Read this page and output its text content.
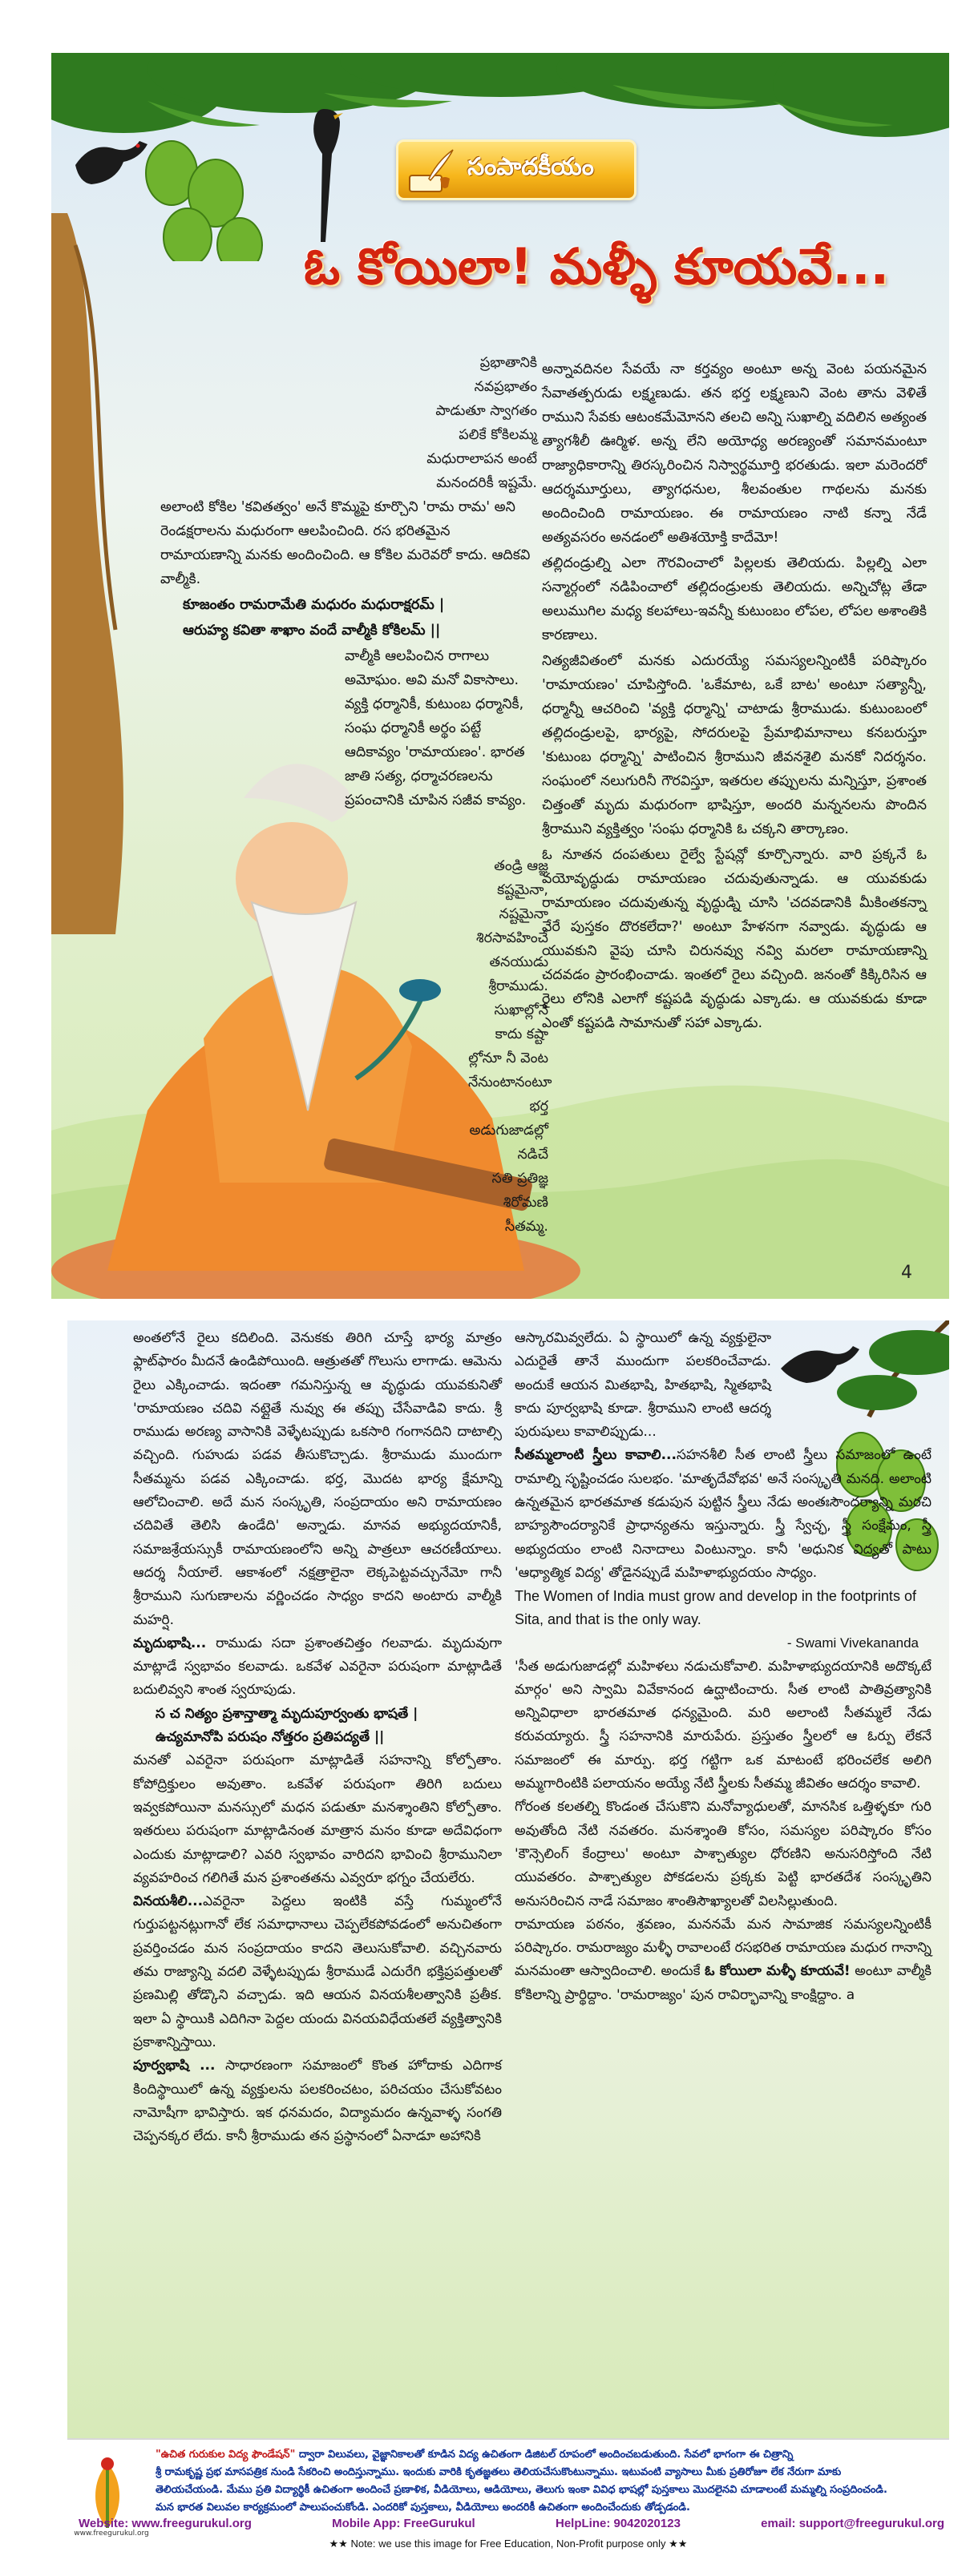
సంపాదకీయం
ఓ కోయిలా! మళ్ళీ కూయవే...
ప్రభాతానికి
నవప్రభాతం
పాడుతూ స్వాగతం
పలికే కోకిలమ్మ
మధురాలాపన అంటే
మనందరికీ ఇష్టమే.

అలాంటి కోకిల 'కవితత్వం' అనే కొమ్మపై కూర్చొని 'రామ రామ' అని రెండక్షరాలను మధురంగా ఆలపించింది. రస భరితమైన రామాయణాన్ని మనకు అందించింది. ఆ కోకిల మరెవరో కాదు. ఆదికవి వాల్మీకి.

కూజంతం రామరామేతి మధురం మధురాక్షరమ్ |

ఆరుహ్య కవితా శాఖాం వందే వాల్మీకి కోకిలమ్ ||

వాల్మీకి ఆలపించిన రాగాలు అమోఘం. అవి మనో వికాసాలు. వ్యక్తి ధర్మానికీ, కుటుంబ ధర్మానికీ, సంఘ ధర్మానికీ అర్థం పట్టే ఆదికావ్యం 'రామాయణం'. భారత జాతి సత్య, ధర్మాచరణలను ప్రపంచానికి చూపిన సజీవ కావ్యం.

తండ్రి ఆజ్ఞ కష్టమైనా,
నష్టమైనా శిరసావహించే
తనయుడు శ్రీరాముడు.
సుఖాల్లోనే కాదు కష్టా
ల్లోనూ నీ వెంట
నేనుంటానంటూ భర్త
అడుగుజాడల్లో నడిచే
సతి ప్రతిజ్ఞ
శిరోమణి
సీతమ్మ.

అన్నావదినల సేవయే నా కర్తవ్యం అంటూ అన్న వెంట పయనమైన సేవాతత్పరుడు లక్ష్మణుడు. తన భర్త లక్ష్మణుని వెంట తాను వెళితే రాముని సేవకు ఆటంకమేమోనని తలచి అన్ని సుఖాల్ని వదిలిన అత్యంత త్యాగశీలీ ఊర్మిళ. అన్న లేని అయోధ్య అరణ్యంతో సమానమంటూ రాజ్యాధికారాన్ని తిరస్కరించిన నిస్వార్థమూర్తి భరతుడు. ఇలా మరెందరో ఆదర్శమూర్తులు, త్యాగధనుల, శీలవంతుల గాథలను మనకు అందించింది రామాయణం. ఈ రామాయణం నాటి కన్నా నేడే అత్యవసరం అనడంలో అతిశయోక్తి కాదేమో!

తల్లిదండ్రుల్ని ఎలా గౌరవించాలో పిల్లలకు తెలియదు. పిల్లల్ని ఎలా సన్మార్గంలో నడిపించాలో తల్లిదండ్రులకు తెలియదు. అన్నిచోట్ల తేడా అలుముగిల మధ్య కలహాలు-ఇవన్నీ కుటుంబం లోపల, లోపల అశాంతికి కారణాలు.

నిత్యజీవితంలో మనకు ఎదురయ్యే సమస్యలన్నింటికీ పరిష్కారం 'రామాయణం' చూపిస్తోంది. 'ఒకేమాట, ఒకే బాట' అంటూ సత్యాన్నీ, ధర్మాన్నీ ఆచరించి 'వ్యక్తి ధర్మాన్ని' చాటాడు శ్రీరాముడు. కుటుంబంలో తల్లిదండ్రులపై, భార్యపై, సోదరులపై ప్రేమాభిమానాలు కనబరుస్తూ 'కుటుంబ ధర్మాన్ని' పాటించిన శ్రీరాముని జీవనశైలి మనకో నిదర్శనం. సంఘంలో నలుగురినీ గౌరవిస్తూ, ఇతరుల తప్పులను మన్నిస్తూ, ప్రశాంత చిత్తంతో మృదు మధురంగా భాషిస్తూ, అందరి మన్ననలను పొందిన శ్రీరాముని వ్యక్తిత్వం 'సంఘ ధర్మానికి ఓ చక్కని తార్కాణం.

ఓ నూతన దంపతులు రైల్వే స్టేషన్లో కూర్చొన్నారు. వారి ప్రక్కనే ఓ వయోవృద్ధుడు రామాయణం చదువుతున్నాడు. ఆ యువకుడు రామాయణం చదువుతున్న వృద్ధుడ్ని చూసి 'చదవడానికి మీకింతకన్నా వేరే పుస్తకం దొరకలేదా?' అంటూ హేళనగా నవ్వాడు. వృద్ధుడు ఆ యువకుని వైపు చూసి చిరునవ్వు నవ్వి మరలా రామాయణాన్ని చదవడం ప్రారంభించాడు. ఇంతలో రైలు వచ్చింది. జనంతో కిక్కిరిసిన ఆ రైలు లోనికి ఎలాగో కష్టపడి వృద్ధుడు ఎక్కాడు. ఆ యువకుడు కూడా ఎంతో కష్టపడి సామానుతో సహా ఎక్కాడు.

4

అంతలోనే రైలు కదిలింది. వెనుకకు తిరిగి చూస్తే భార్య మాత్రం ఫ్లాట్‌ఫారం మీదనే ఉండిపోయింది. ఆత్రుతతో గొలుసు లాగాడు. ఆమెను రైలు ఎక్కించాడు. ఇదంతా గమనిస్తున్న ఆ వృద్ధుడు యువకునితో 'రామాయణం చదివి నట్లైతే నువ్వు ఈ తప్పు చేసేవాడివి కాదు. శ్రీ రాముడు అరణ్య వాసానికి వెళ్ళేటప్పుడు ఒకసారి గంగానదిని దాటాల్సి వచ్చింది. గుహుడు పడవ తీసుకొచ్చాడు. శ్రీరాముడు ముందుగా సీతమ్మను పడవ ఎక్కించాడు. భర్త, మొదట భార్య క్షేమాన్ని ఆలోచించాలి. అదే మన సంస్కృతి, సంప్రదాయం అని రామాయణం చదివితే తెలిసి ఉండేది' అన్నాడు. మానవ అభ్యుదయానికీ, సమాజశ్రేయస్సుకీ రామాయణంలోని అన్ని పాత్రలూ ఆచరణీయాలు. ఆదర్శ నీయాలే. ఆకాశంలో నక్షత్రాలైనా లెక్కపెట్టవచ్చునేమో గానీ శ్రీరాముని సుగుణాలను వర్ణించడం సాధ్యం కాదని అంటారు వాల్మీకి మహర్షి.

మృదుభాషి... రాముడు సదా ప్రశాంతచిత్తం గలవాడు. మృదువుగా మాట్లాడే స్వభావం కలవాడు. ఒకవేళ ఎవరైనా పరుషంగా మాట్లాడితే బదులివ్వని శాంత స్వరూపుడు.

స చ నిత్యం ప్రశాన్తాత్మా మృదుపూర్వంతు భాషతే |

ఉచ్యమానోపి పరుషం నోత్తరం ప్రతిపద్యతే ||

మనతో ఎవరైనా పరుషంగా మాట్లాడితే సహనాన్ని కోల్పోతాం. కోపోద్రిక్తులం అవుతాం. ఒకవేళ పరుషంగా తిరిగి బదులు ఇవ్వకపోయినా మనస్సులో మధన పడుతూ మనశ్శాంతిని కోల్పోతాం. ఇతరులు పరుషంగా మాట్లాడినంత మాత్రాన మనం కూడా అదేవిధంగా ఎందుకు మాట్లాడాలి? ఎవరి స్వభావం వారిదని భావించి శ్రీరామునిలా వ్యవహరించ గలిగితే మన ప్రశాంతతను ఎవ్వరూ భగ్నం చేయలేరు.

వినయశీలి...ఎవరైనా పెద్దలు ఇంటికి వస్తే గుమ్మంలోనే గుర్తుపట్టనట్లుగానో లేక సమాధానాలు చెప్పలేకపోవడంలో అనుచితంగా ప్రవర్తించడం మన సంప్రదాయం కాదని తెలుసుకోవాలి. వచ్చినవారు తమ రాజ్యాన్ని వదలి వెళ్ళేటప్పుడు శ్రీరాముడే ఎదురేగి భక్తిప్రపత్తులతో ప్రణమిల్లి తోడ్కొని వచ్చాడు. ఇది ఆయన వినయశీలత్వానికి ప్రతీక. ఇలా ఏ స్థాయికి ఎదిగినా పెద్దల యందు వినయవిధేయతలే వ్యక్తిత్వానికి ప్రకాశాన్నిస్తాయి.

పూర్వభాషి ... సాధారణంగా సమాజంలో కొంత హోదాకు ఎదిగాక కిందిస్థాయిలో ఉన్న వ్యక్తులను పలకరించటం, పరిచయం చేసుకోవటం నామోషీగా భావిస్తారు. ఇక ధనమదం, విద్యామదం ఉన్నవాళ్ళ సంగతి చెప్పనక్కర లేదు. కానీ శ్రీరాముడు తన ప్రస్థానంలో ఏనాడూ అహానికి

ఆస్కారమివ్వలేదు. ఏ స్థాయిలో ఉన్న వ్యక్తులైనా ఎదురైతే తానే ముందుగా పలకరించేవాడు. అందుకే ఆయన మితభాషి, హితభాషి, స్మితభాషి కాదు పూర్వభాషి కూడా. శ్రీరాముని లాంటి ఆదర్శ పురుషులు కావాలిప్పుడు...

సీతమ్మలాంటి స్త్రీలు కావాలి...సహనశీలి సీత లాంటి స్త్రీలు సమాజంలో ఉంటే రామాల్ని సృష్టించడం సులభం. 'మాతృదేవోభవ' అనే సంస్కృతి మనది. అలాంటి ఉన్నతమైన భారతమాత కడుపున పుట్టిన స్త్రీలు నేడు అంతఃసౌందర్యాన్ని మరచి బాహ్యసౌందర్యానికే ప్రాధాన్యతను ఇస్తున్నారు. స్త్రీ స్వేచ్ఛ, స్త్రీ సంక్షేమం, స్త్రీ అభ్యుదయం లాంటి నినాదాలు వింటున్నాం. కానీ 'అధునిక విద్యతో పాటు 'ఆధ్యాత్మిక విద్య' తోడైనప్పుడే మహిళాభ్యుదయం సాధ్యం.

The Women of India must grow and develop in the footprints of Sita, and that is the only way.

- Swami Vivekananda

'సీత అడుగుజాడల్లో మహిళలు నడుచుకోవాలి. మహిళాభ్యుదయానికి అదొక్కటే మార్గం' అని స్వామి వివేకానంద ఉద్ఘాటించారు. సీత లాంటి పాతివ్రత్యానికి అన్నివిధాలా భారతమాత ధన్యమైంది. మరి అలాంటి సీతమ్మలే నేడు కరువయ్యారు. స్త్రీ సహనానికి మారుపేరు. ప్రస్తుతం స్త్రీలలో ఆ ఓర్పు లేకనే సమాజంలో ఈ మార్పు. భర్త గట్టిగా ఒక మాటంటే భరించలేక అలిగి అమ్మగారింటికి పలాయనం అయ్యే నేటి స్త్రీలకు సీతమ్మ జీవితం ఆదర్శం కావాలి.

గోరంత కలతల్ని కొండంత చేసుకొని మనోవ్యాధులతో, మానసిక ఒత్తిళ్ళకూ గురి అవుతోంది నేటి నవతరం. మనశ్శాంతి కోసం, సమస్యల పరిష్కారం కోసం 'కౌన్సెలింగ్ కేంద్రాలు' అంటూ పాశ్చాత్యుల ధోరణిని అనుసరిస్తోంది నేటి యువతరం. పాశ్చాత్యుల పోకడలను ప్రక్కకు పెట్టి భారతదేశ సంస్కృతిని అనుసరించిన నాడే సమాజం శాంతిసౌఖ్యాలతో విలసిల్లుతుంది.

రామాయణ పఠనం, శ్రవణం, మననమే మన సామాజిక సమస్యలన్నింటికీ పరిష్కారం. రామరాజ్యం మళ్ళీ రావాలంటే రసభరిత రామాయణ మధుర గానాన్ని మనమంతా ఆస్వాదించాలి. అందుకే ఓ కోయిలా మళ్ళీ కూయవే! అంటూ వాల్మీకి కోకిలాన్ని ప్రార్థిద్దాం. 'రామరాజ్యం' పున రావిర్భావాన్ని కాంక్షిద్దాం. a

www.freegurukul.org
"ఉచిత గురుకుల విద్య ఫౌండేషన్" ద్వారా విలువలు, వైజ్ఞానికాలతో కూడిన విద్య ఉచితంగా డిజిటల్ రూపంలో అందించబడుతుంది. సేవలో భాగంగా ఈ చిత్రాన్ని
శ్రీ రామకృష్ణ ప్రభ మాసపత్రిక నుండి సేకరించి అందిస్తున్నాము. ఇందుకు వారికి కృతజ్ఞతలు తెలియచేసుకొంటున్నాము. ఇటువంటి వ్యాసాలు మీకు ప్రతిరోజూ లేక నేరుగా మాకు
తెలియచేయండి. మేము ప్రతి విద్యార్థికీ ఉచితంగా అందించే ప్రణాళిక, వీడియోలు, ఆడియోలు, తెలుగు ఇంకా వివిధ భాషల్లో పుస్తకాలు మొదలైనవి చూడాలంటే మమ్మల్ని సంప్రదించండి.
మన భారత విలువల కార్యక్రమంలో పాలుపంచుకోండి. ఎందరికో పుస్తకాలు, వీడియోలు అందరికీ ఉచితంగా అందించేందుకు తోడ్పడండి.
Website: www.freegurukul.org	Mobile App: FreeGurukul	HelpLine: 9042020123	email: support@freegurukul.org
★★ Note: we use this image for Free Education, Non-Profit purpose only ★★
